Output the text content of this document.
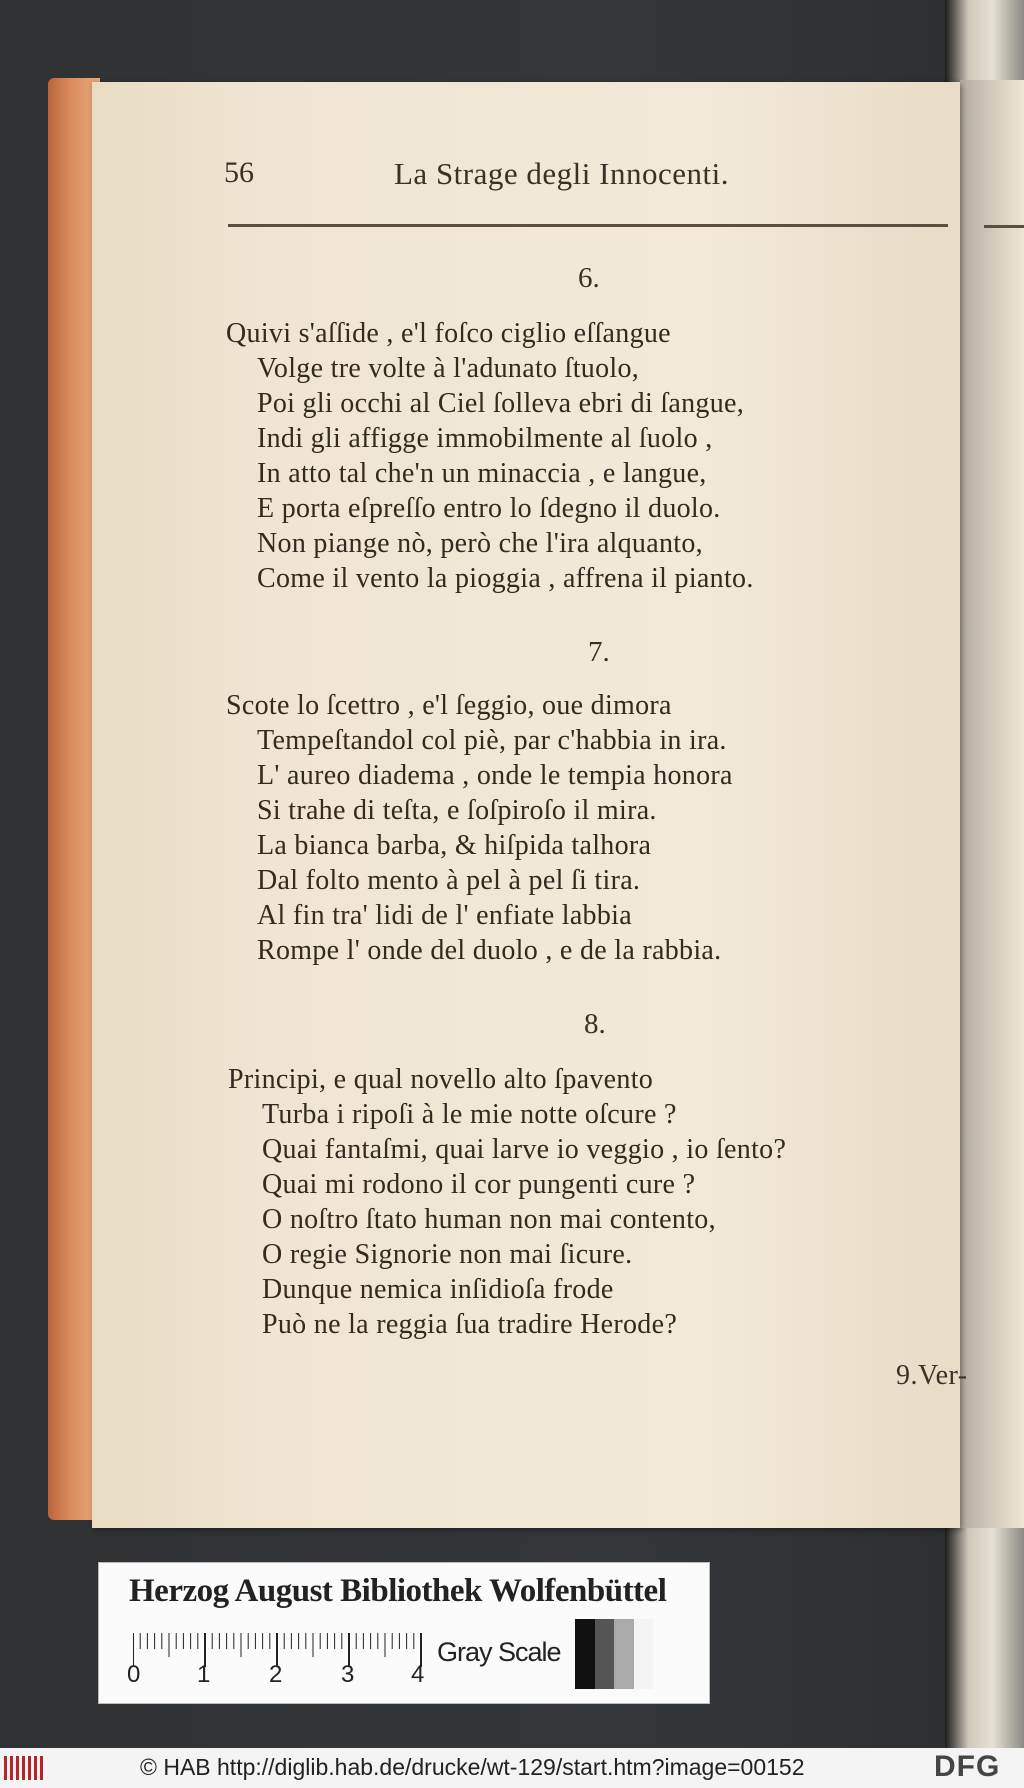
56	La Strage degli Innocenti.
6.
Quivi s'aſſide , e'l foſco ciglio eſſangue
Volge tre volte à l'adunato ſtuolo,
Poi gli occhi al Ciel ſolleva ebri di ſangue,
Indi gli affigge immobilmente al ſuolo ,
In atto tal che'n un minaccia , e langue,
E porta eſpreſſo entro lo ſdegno il duolo.
Non piange nò, però che l'ira alquanto,
Come il vento la pioggia , affrena il pianto.
7.
Scote lo ſcettro , e'l ſeggio, oue dimora
Tempeſtandol col piè, par c'habbia in ira.
L' aureo diadema , onde le tempia honora
Si trahe di teſta, e ſoſpiroſo il mira.
La bianca barba, & hiſpida talhora
Dal folto mento à pel à pel ſi tira.
Al fin tra' lidi de l' enfiate labbia
Rompe l' onde del duolo , e de la rabbia.
8.
Principi, e qual novello alto ſpavento
Turba i ripoſi à le mie notte oſcure ?
Quai fantaſmi, quai larve io veggio , io ſento?
Quai mi rodono il cor pungenti cure ?
O noſtro ſtato human non mai contento,
O regie Signorie non mai ſicure.
Dunque nemica inſidioſa frode
Può ne la reggia ſua tradire Herode?
9.Ver-
Herzog August Bibliothek Wolfenbüttel
0 1 2 3 4
Gray Scale
© HAB http://diglib.hab.de/drucke/wt-129/start.htm?image=00152	DFG
